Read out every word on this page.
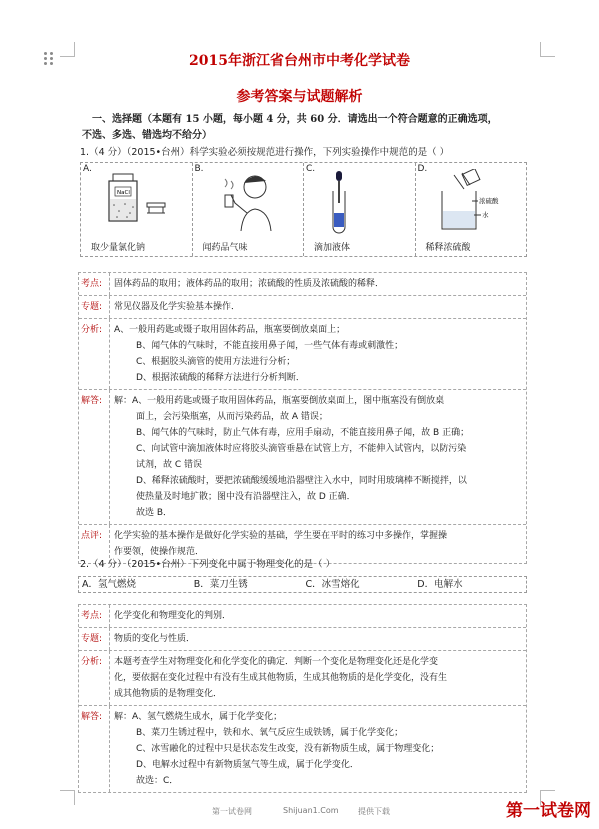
2015年浙江省台州市中考化学试卷
参考答案与试题解析
一、选择题（本题有 15 小题，每小题 4 分，共 60 分．请选出一个符合题意的正确选项，
不选、多选、错选均不给分）
1.（4 分）（2015•台州）科学实验必须按规范进行操作，下列实验操作中规范的是（ ）
A.
NaCl
取少量氯化钠
B.
闻药品气味
C.
滴加液体
D.
浓硫酸
水
稀释浓硫酸
考点:	固体药品的取用；液体药品的取用；浓硫酸的性质及浓硫酸的稀释．
专题:	常见仪器及化学实验基本操作．
分析:	A、一般用药匙或镊子取用固体药品，瓶塞要倒放桌面上；
B、闻气体的气味时，不能直接用鼻子闻，一些气体有毒或刺激性；
C、根据胶头滴管的使用方法进行分析；
D、根据浓硫酸的稀释方法进行分析判断．
解答:	解：A、一般用药匙或镊子取用固体药品，瓶塞要倒放桌面上，图中瓶塞没有倒放桌
面上，会污染瓶塞，从而污染药品，故 A 错误；
B、闻气体的气味时，防止气体有毒，应用手扇动，不能直接用鼻子闻，故 B 正确；
C、向试管中滴加液体时应将胶头滴管垂悬在试管上方，不能伸入试管内，以防污染
试剂，故 C 错误
D、稀释浓硫酸时，要把浓硫酸缓缓地沿器壁注入水中，同时用玻璃棒不断搅拌，以
使热量及时地扩散；图中没有沿器壁注入，故 D 正确．
故选 B．
点评:	化学实验的基本操作是做好化学实验的基础，学生要在平时的练习中多操作，掌握操
作要领，使操作规范．
2.（4 分）（2015•台州）下列变化中属于物理变化的是（ ）
A．氢气燃烧	B．菜刀生锈	C．冰雪熔化	D．电解水
考点:	化学变化和物理变化的判别．
专题:	物质的变化与性质．
分析:	本题考查学生对物理变化和化学变化的确定．判断一个变化是物理变化还是化学变
化，要依据在变化过程中有没有生成其他物质，生成其他物质的是化学变化，没有生
成其他物质的是物理变化．
解答:	解：A、氢气燃烧生成水，属于化学变化；
B、菜刀生锈过程中，铁和水、氧气反应生成铁锈，属于化学变化；
C、冰雪融化的过程中只是状态发生改变，没有新物质生成，属于物理变化；
D、电解水过程中有新物质氢气等生成，属于化学变化．
故选：C．
第一试卷网	Shijuan1.Com 提供下载	第一试卷网
